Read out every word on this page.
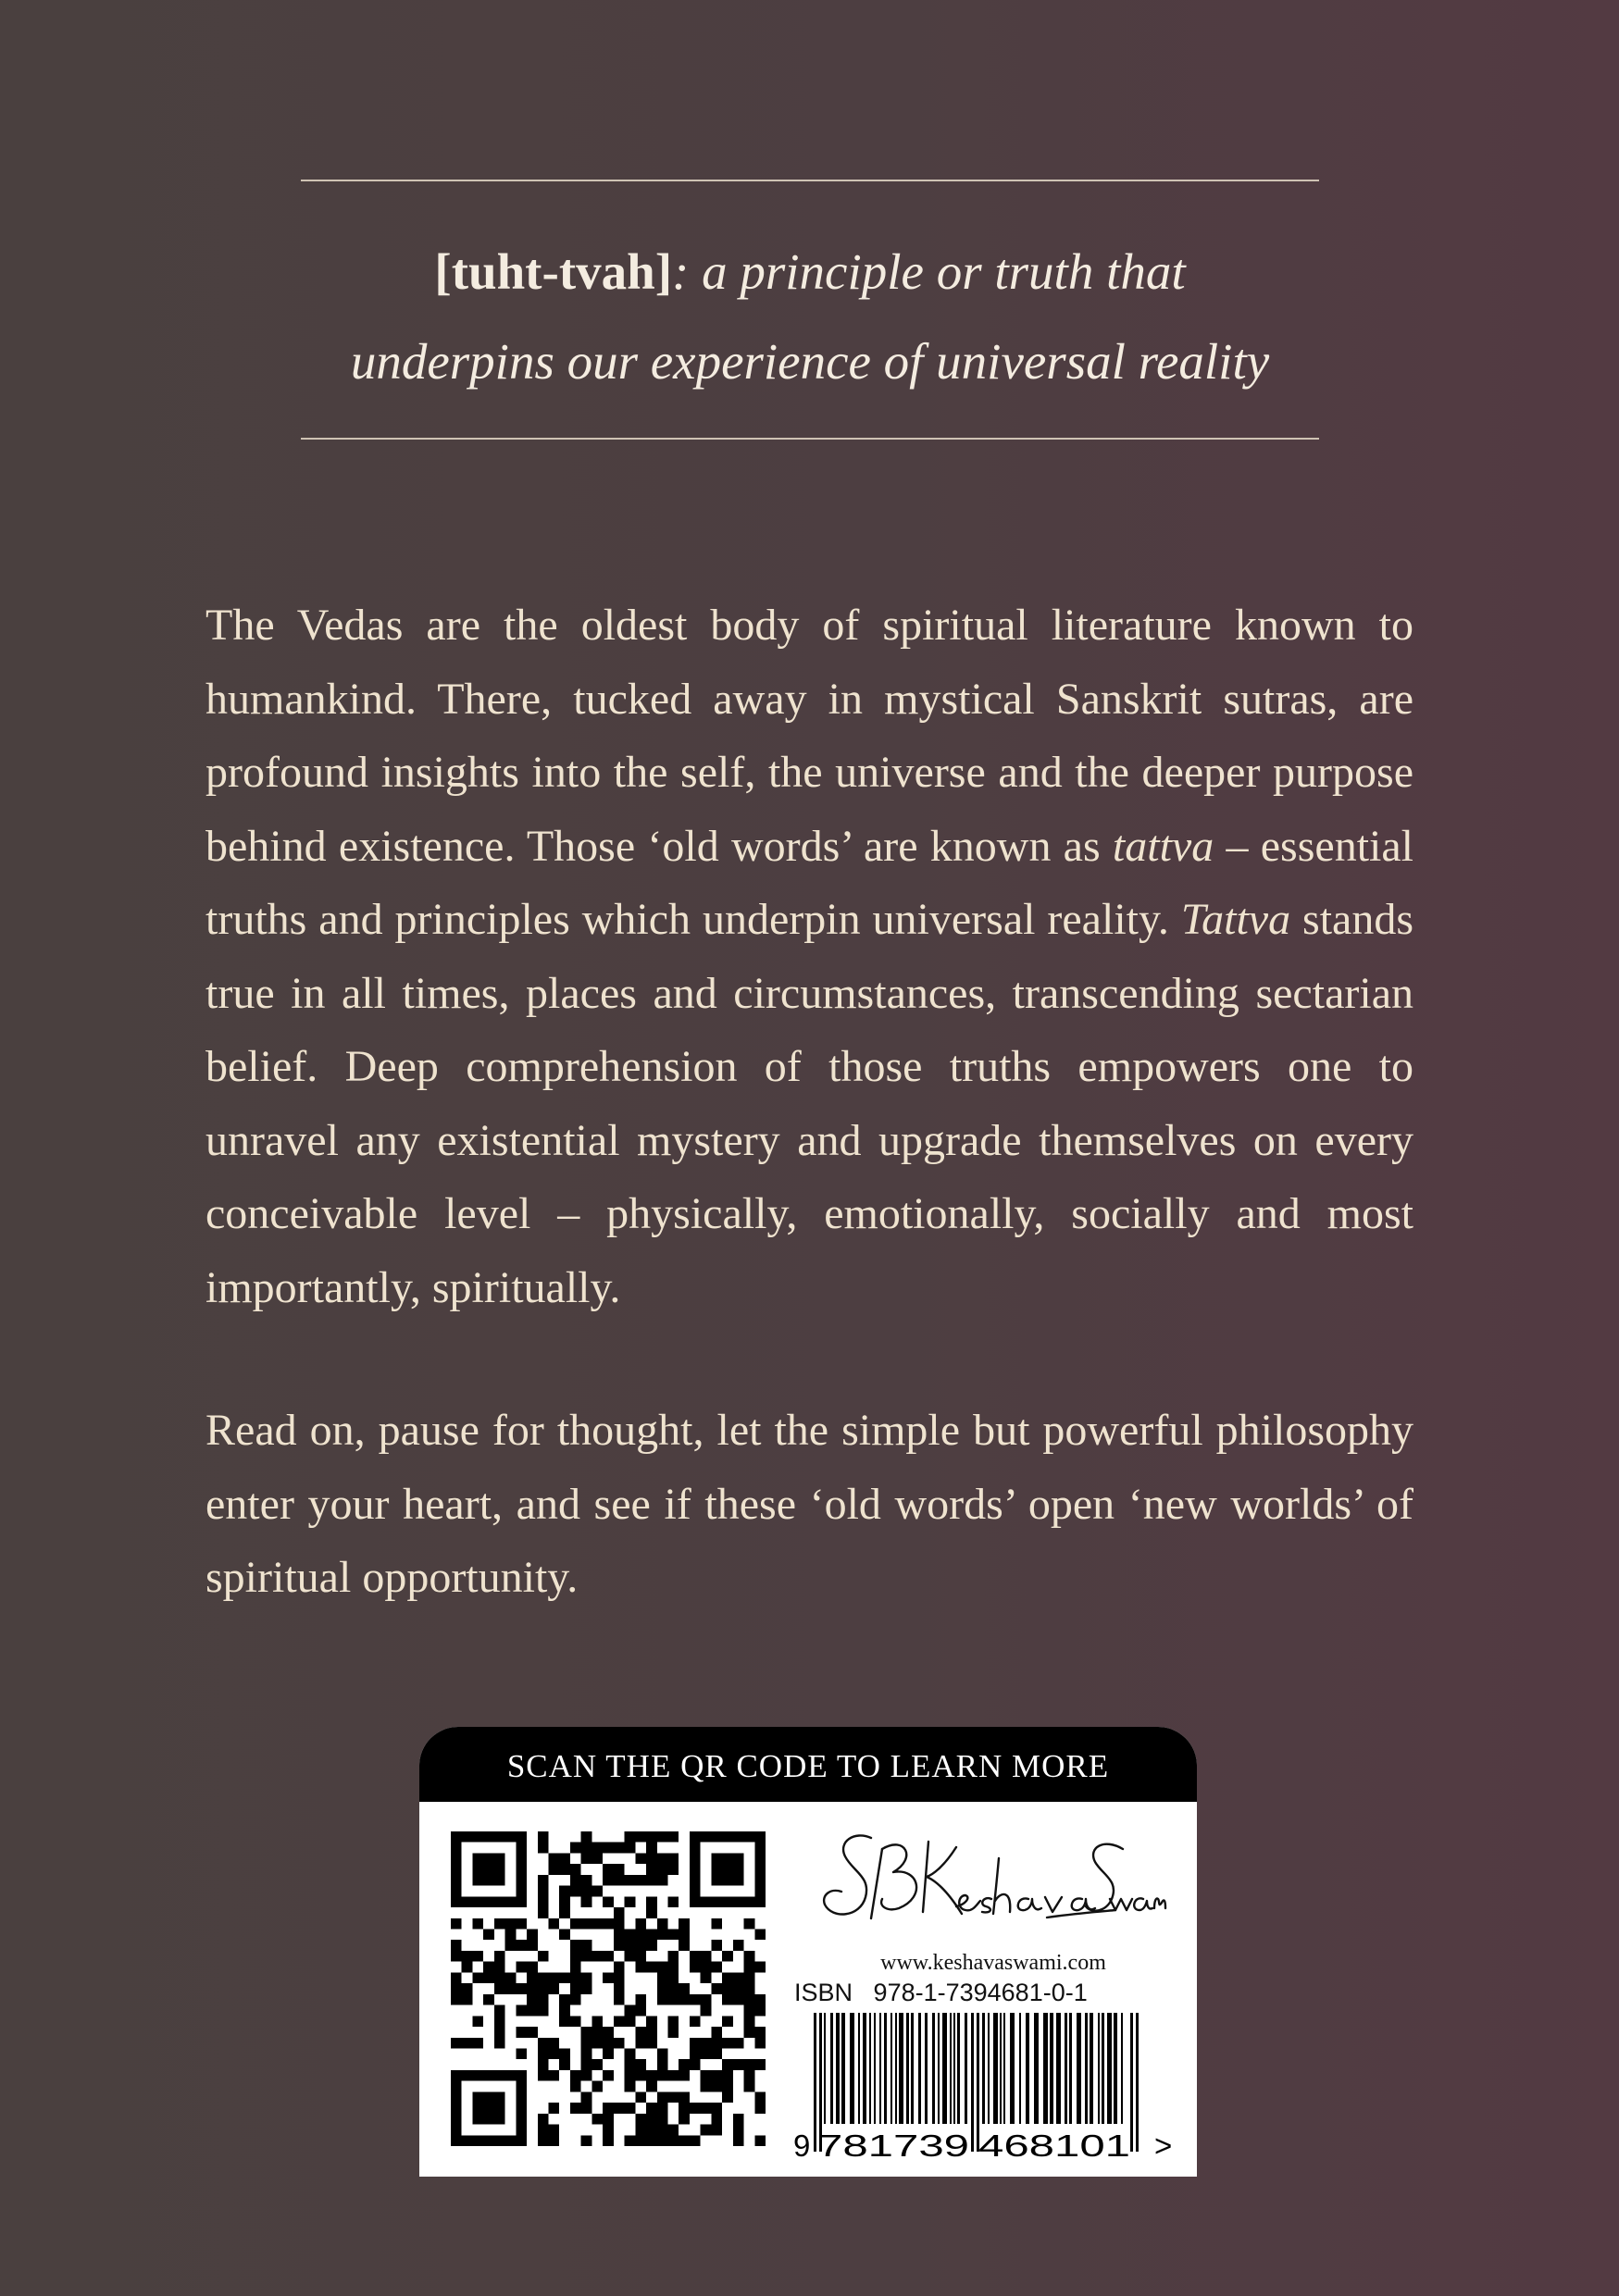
[tuht-tvah]: a principle or truth that
underpins our experience of universal reality

The Vedas are the oldest body of spiritual literature known to humankind. There, tucked away in mystical Sanskrit sutras, are profound insights into the self, the universe and the deeper purpose behind existence. Those ‘old words’ are known as tattva – essential truths and principles which underpin universal reality. Tattva stands true in all times, places and circumstances, transcending sectarian belief. Deep comprehension of those truths empowers one to unravel any existential mystery and upgrade themselves on every conceivable level – physically, emotionally, socially and most importantly, spiritually.

Read on, pause for thought, let the simple but powerful philosophy enter your heart, and see if these ‘old words’ open ‘new worlds’ of spiritual opportunity.

SCAN THE QR CODE TO LEARN MORE
www.keshavaswami.com
ISBN 978-1-7394681-0-1
9 781739 468101 >
